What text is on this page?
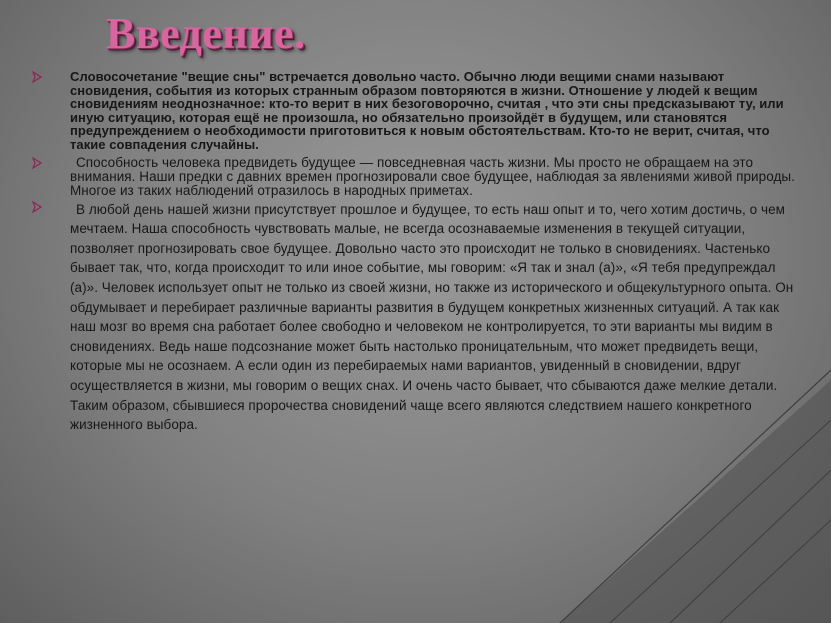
Введение.
Словосочетание "вещие сны" встречается довольно часто. Обычно люди вещими снами называют сновидения, события из которых странным образом повторяются в жизни. Отношение у людей к вещим сновидениям неоднозначное: кто-то верит в них безоговорочно, считая , что эти сны предсказывают ту, или иную ситуацию, которая ещё не произошла, но обязательно произойдёт в будущем, или становятся предупреждением о необходимости приготовиться к новым обстоятельствам. Кто-то не верит, считая, что такие совпадения случайны.
Способность человека предвидеть будущее — повседневная часть жизни. Мы просто не обращаем на это внимания. Наши предки с давних времен прогнозировали свое будущее, наблюдая за явлениями живой природы. Многое из таких наблюдений отразилось в народных приметах.
В любой день нашей жизни присутствует прошлое и будущее, то есть наш опыт и то, чего хотим достичь, о чем мечтаем. Наша способность чувствовать малые, не всегда осознаваемые изменения в текущей ситуации, позволяет прогнозировать свое будущее. Довольно часто это происходит не только в сновидениях. Частенько бывает так, что, когда происходит то или иное событие, мы говорим: «Я так и знал (а)», «Я тебя предупреждал (а)». Человек использует опыт не только из своей жизни, но также из исторического и общекультурного опыта. Он обдумывает и перебирает различные варианты развития в будущем конкретных жизненных ситуаций. А так как наш мозг во время сна работает более свободно и человеком не контролируется, то эти варианты мы видим в сновидениях. Ведь наше подсознание может быть настолько проницательным, что может предвидеть вещи, которые мы не осознаем. А если один из перебираемых нами вариантов, увиденный в сновидении, вдруг осуществляется в жизни, мы говорим о вещих снах. И очень часто бывает, что сбываются даже мелкие детали. Таким образом, сбывшиеся пророчества сновидений чаще всего являются следствием нашего конкретного жизненного выбора.
